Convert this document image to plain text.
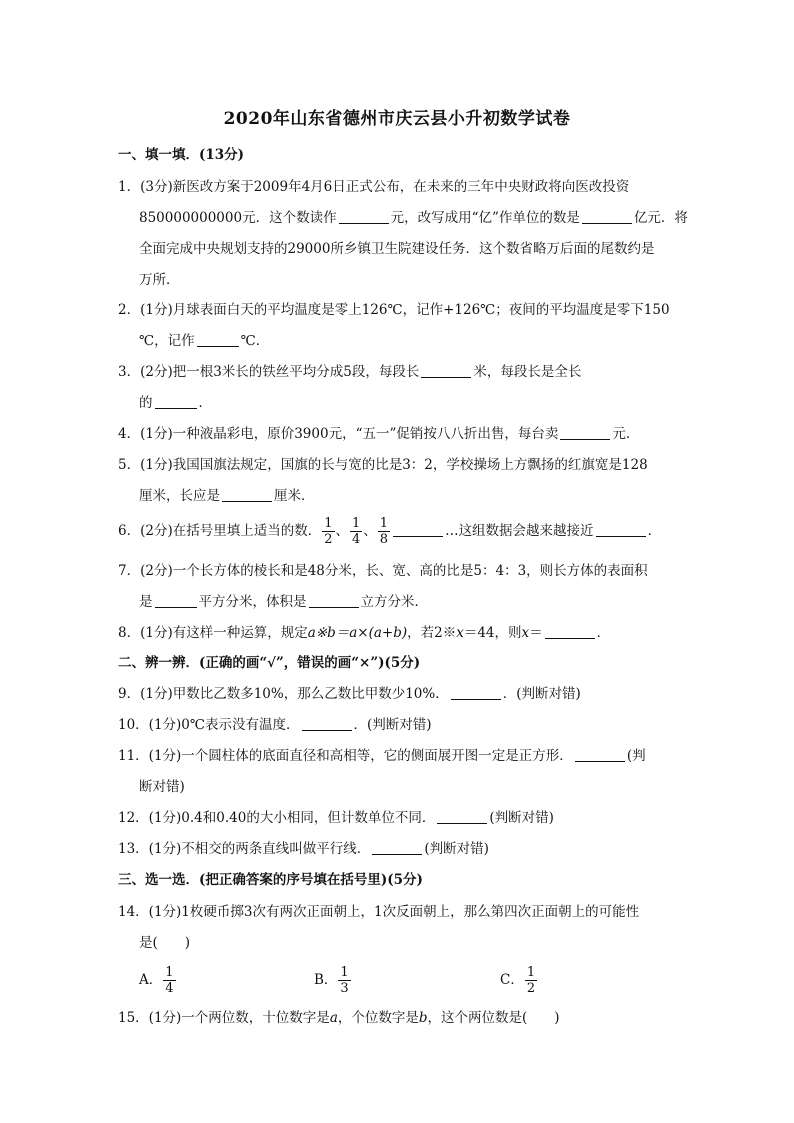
2020年山东省德州市庆云县小升初数学试卷
一、填一填．(13分)
1．(3分)新医改方案于2009年4月6日正式公布，在未来的三年中央财政将向医改投资
850000000000元．这个数读作	元，改写成用“亿”作单位的数是	亿元．将
全面完成中央规划支持的29000所乡镇卫生院建设任务．这个数省略万后面的尾数约是
万所．
2．(1分)月球表面白天的平均温度是零上126℃，记作+126℃；夜间的平均温度是零下150
℃，记作	℃．
3．(2分)把一根3米长的铁丝平均分成5段，每段长	米，每段长是全长
的	．
4．(1分)一种液晶彩电，原价3900元，“五一”促销按八八折出售，每台卖	元．
5．(1分)我国国旗法规定，国旗的长与宽的比是3：2，学校操场上方飘扬的红旗宽是128
厘米，长应是	厘米．
6．(2分)在括号里填上适当的数． $\frac{1}{2}$ 、 $\frac{1}{4}$ 、 $\frac{1}{8}$	…这组数据会越来越接近	．
7．(2分)一个长方体的棱长和是48分米，长、宽、高的比是5：4：3，则长方体的表面积
是	平方分米，体积是	立方分米．
8．(1分)有这样一种运算，规定a※b＝a×(a+b)，若2※x＝44，则x＝	．
二、辨一辨．(正确的画“√”，错误的画“×”)(5分)
9．(1分)甲数比乙数多10%，那么乙数比甲数少10%．	．(判断对错)
10．(1分)0℃表示没有温度．	．(判断对错)
11．(1分)一个圆柱体的底面直径和高相等，它的侧面展开图一定是正方形．	(判
断对错)
12．(1分)0.4和0.40的大小相同，但计数单位不同．	(判断对错)
13．(1分)不相交的两条直线叫做平行线．	(判断对错)
三、选一选．(把正确答案的序号填在括号里)(5分)
14．(1分)1枚硬币掷3次有两次正面朝上，1次反面朝上，那么第四次正面朝上的可能性
是(　　)
A． $\frac{1}{4}$	B． $\frac{1}{3}$	C． $\frac{1}{2}$
15．(1分)一个两位数，十位数字是a，个位数字是b，这个两位数是(　　)
